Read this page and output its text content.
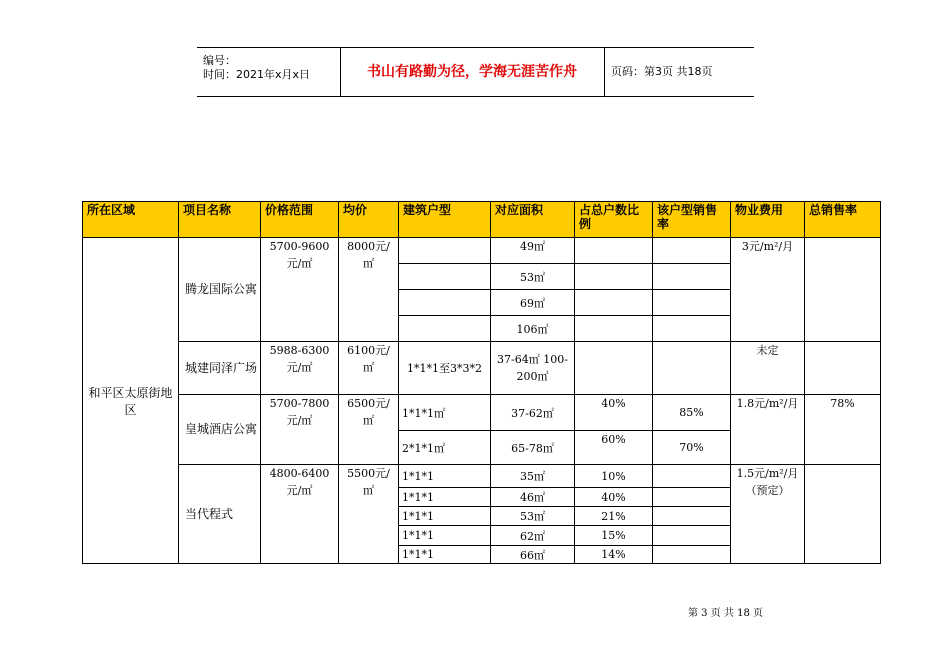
编号：
时间：2021年x月x日	书山有路勤为径，学海无涯苦作舟	页码：第3页 共18页
所在区域	项目名称	价格范围	均价	建筑户型	对应面积	占总户数比例	该户型销售率	物业费用	总销售率
和平区太原街地区	腾龙国际公寓	5700-9600元/㎡	8000元/㎡		49㎡			3元/m²/月	
					53㎡				
					69㎡				
					106㎡				
	城建同泽广场	5988-6300元/㎡	6100元/㎡	1*1*1至3*3*2	37-64㎡ 100-200㎡			未定	
	皇城酒店公寓	5700-7800元/㎡	6500元/㎡	1*1*1㎡	37-62㎡	40%	85%	1.8元/m²/月	78%
				2*1*1㎡	65-78㎡	60%	70%		
	当代程式	4800-6400元/㎡	5500元/㎡	1*1*1	35㎡	10%		1.5元/m²/月（预定）	
				1*1*1	46㎡	40%			
				1*1*1	53㎡	21%			
				1*1*1	62㎡	15%			
				1*1*1	66㎡	14%			
第 3 页 共 18 页
